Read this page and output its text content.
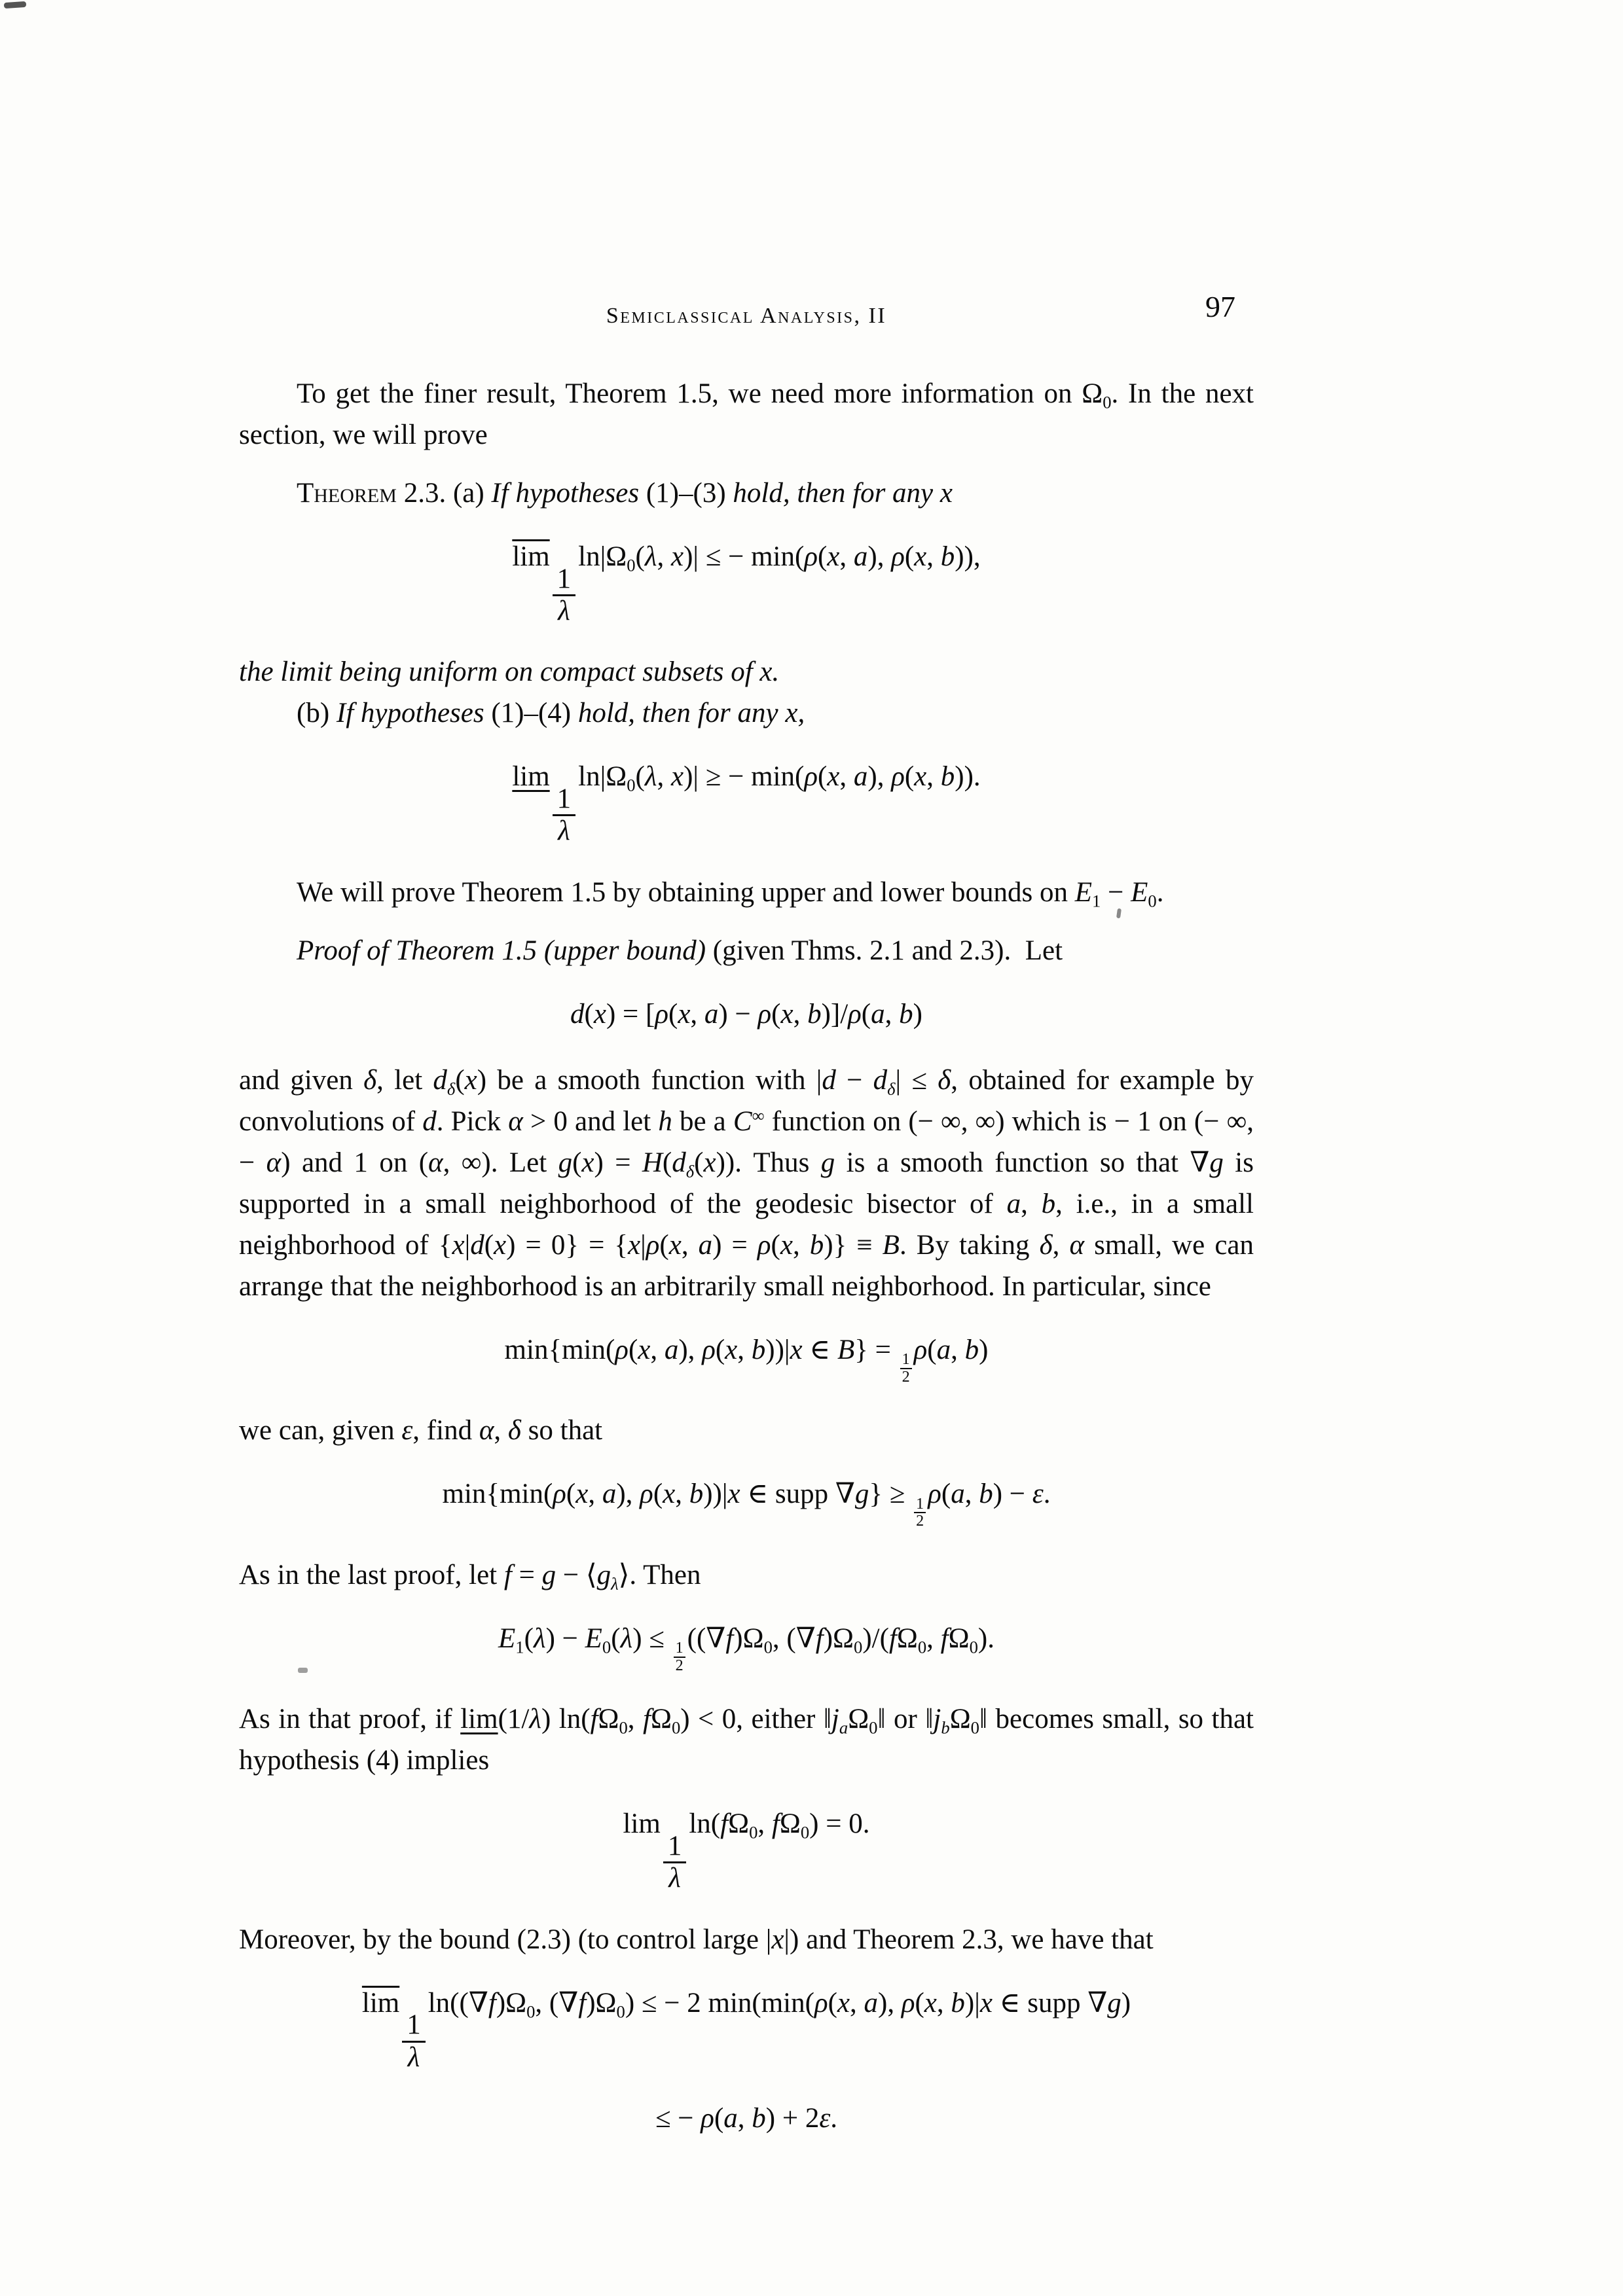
Semiclassical Analysis, II	97
To get the finer result, Theorem 1.5, we need more information on $\Omega_0$. In the next section, we will prove
Theorem 2.3. (a) If hypotheses (1)–(3) hold, then for any x
$\overline{lim}$
$\frac{1}{\lambda}$
$\ln|\Omega_0(\lambda$, x)| ≤ − min(ρ(x, a), ρ(x, b)),
the limit being uniform on compact subsets of x.
(b) If hypotheses (1)–(4) hold, then for any x,
lim
$\frac{1}{\lambda}$
$\ln|\Omega_0(\lambda$, x)| ≥ − min(ρ(x, a), ρ(x, b)).
We will prove Theorem 1.5 by obtaining upper and lower bounds on $E_1 - E_0$.
Proof of Theorem 1.5 (upper bound) (given Thms. 2.1 and 2.3). Let
d(x) = [ρ(x, a) − ρ(x, b)]/ρ(a, b)
and given δ, let $d_\delta(x)$ be a smooth function with $|d - d_\delta| \le \delta$, obtained for example by convolutions of d. Pick α > 0 and let h be a C∞ function on (− ∞, ∞) which is − 1 on (− ∞, − α) and 1 on (α, ∞). Let $g(x) = H(d_\delta(x))$. Thus g is a smooth function so that ∇g is supported in a small neighborhood of the geodesic bisector of a, b, i.e., in a small neighborhood of {x|d(x) = 0} = {x|ρ(x, a) = ρ(x, b)} ≡ B. By taking δ, α small, we can arrange that the neighborhood is an arbitrarily small neighborhood. In particular, since
min{min(ρ(x, a), ρ(x, b))|x ∈ B} =
$\frac{1}{2}$
ρ(a, b)
we can, given ε, find α, δ so that
min{min(ρ(x, a), ρ(x, b))|x ∈ supp ∇g} ≥
$\frac{1}{2}$
ρ(a, b) − ε.
As in the last proof, let $f = g - ⟨g_\lambda⟩$. Then
$E_1(\lambda) - E_0(\lambda)$ ≤
$\frac{1}{2}$
($(\nabla f)\Omega_0$, $(\nabla f)\Omega_0)/(f\Omega_0$, $f\Omega_0$).
As in that proof, if lim(1/λ) $\ln(f\Omega_0$, $f\Omega_0) < 0$, either $‖j_a\Omega_0‖$ or $‖j_b\Omega_0‖$ becomes small, so that hypothesis (4) implies
lim
$\frac{1}{\lambda}$
$\ln(f\Omega_0$, $f\Omega_0) = 0$.
Moreover, by the bound (2.3) (to control large |x|) and Theorem 2.3, we have that
$\overline{lim}$
$\frac{1}{\lambda}$
$\ln((\nabla f)\Omega_0$, $(\nabla f)\Omega_0$) ≤ − 2 min(min(ρ(x, a), ρ(x, b)|x ∈ supp ∇g)
≤ − ρ(a, b) + 2ε.
